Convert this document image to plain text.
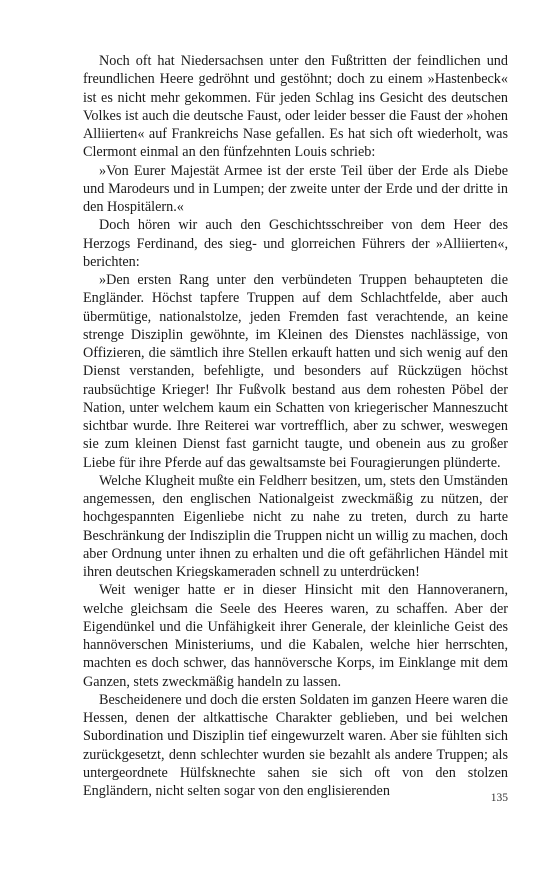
Noch oft hat Niedersachsen unter den Fußtritten der feindlichen und freundlichen Heere gedröhnt und gestöhnt; doch zu einem »Hastenbeck« ist es nicht mehr gekommen. Für jeden Schlag ins Gesicht des deutschen Volkes ist auch die deutsche Faust, oder leider besser die Faust der »hohen Alliierten« auf Frankreichs Nase gefallen. Es hat sich oft wiederholt, was Clermont einmal an den fünfzehnten Louis schrieb:

»Von Eurer Majestät Armee ist der erste Teil über der Erde als Diebe und Marodeurs und in Lumpen; der zweite unter der Erde und der dritte in den Hospitälern.«

Doch hören wir auch den Geschichtsschreiber von dem Heer des Herzogs Ferdinand, des sieg- und glorreichen Führers der »Alliierten«, berichten:

»Den ersten Rang unter den verbündeten Truppen behaupteten die Engländer. Höchst tapfere Truppen auf dem Schlachtfelde, aber auch übermütige, nationalstolze, jeden Fremden fast verachtende, an keine strenge Disziplin gewöhnte, im Kleinen des Dienstes nachlässige, von Offizieren, die sämtlich ihre Stellen erkauft hatten und sich wenig auf den Dienst verstanden, befehligte, und besonders auf Rückzügen höchst raubsüchtige Krieger! Ihr Fußvolk bestand aus dem rohesten Pöbel der Nation, unter welchem kaum ein Schatten von kriegerischer Manneszucht sichtbar wurde. Ihre Reiterei war vortrefflich, aber zu schwer, weswegen sie zum kleinen Dienst fast garnicht taugte, und obenein aus zu großer Liebe für ihre Pferde auf das gewaltsamste bei Fouragierungen plünderte.

Welche Klugheit mußte ein Feldherr besitzen, um, stets den Umständen angemessen, den englischen Nationalgeist zweckmäßig zu nützen, der hochgespannten Eigenliebe nicht zu nahe zu treten, durch zu harte Beschränkung der Indisziplin die Truppen nicht un willig zu machen, doch aber Ordnung unter ihnen zu erhalten und die oft gefährlichen Händel mit ihren deutschen Kriegskameraden schnell zu unterdrücken!

Weit weniger hatte er in dieser Hinsicht mit den Hannoveranern, welche gleichsam die Seele des Heeres waren, zu schaffen. Aber der Eigendünkel und die Unfähigkeit ihrer Generale, der kleinliche Geist des hannöverschen Ministeriums, und die Kabalen, welche hier herrschten, machten es doch schwer, das hannöversche Korps, im Einklange mit dem Ganzen, stets zweckmäßig handeln zu lassen.

Bescheidenere und doch die ersten Soldaten im ganzen Heere waren die Hessen, denen der altkattische Charakter geblieben, und bei welchen Subordination und Disziplin tief eingewurzelt waren. Aber sie fühlten sich zurückgesetzt, denn schlechter wurden sie bezahlt als andere Truppen; als untergeordnete Hülfsknechte sahen sie sich oft von den stolzen Engländern, nicht selten sogar von den englisierenden	135
